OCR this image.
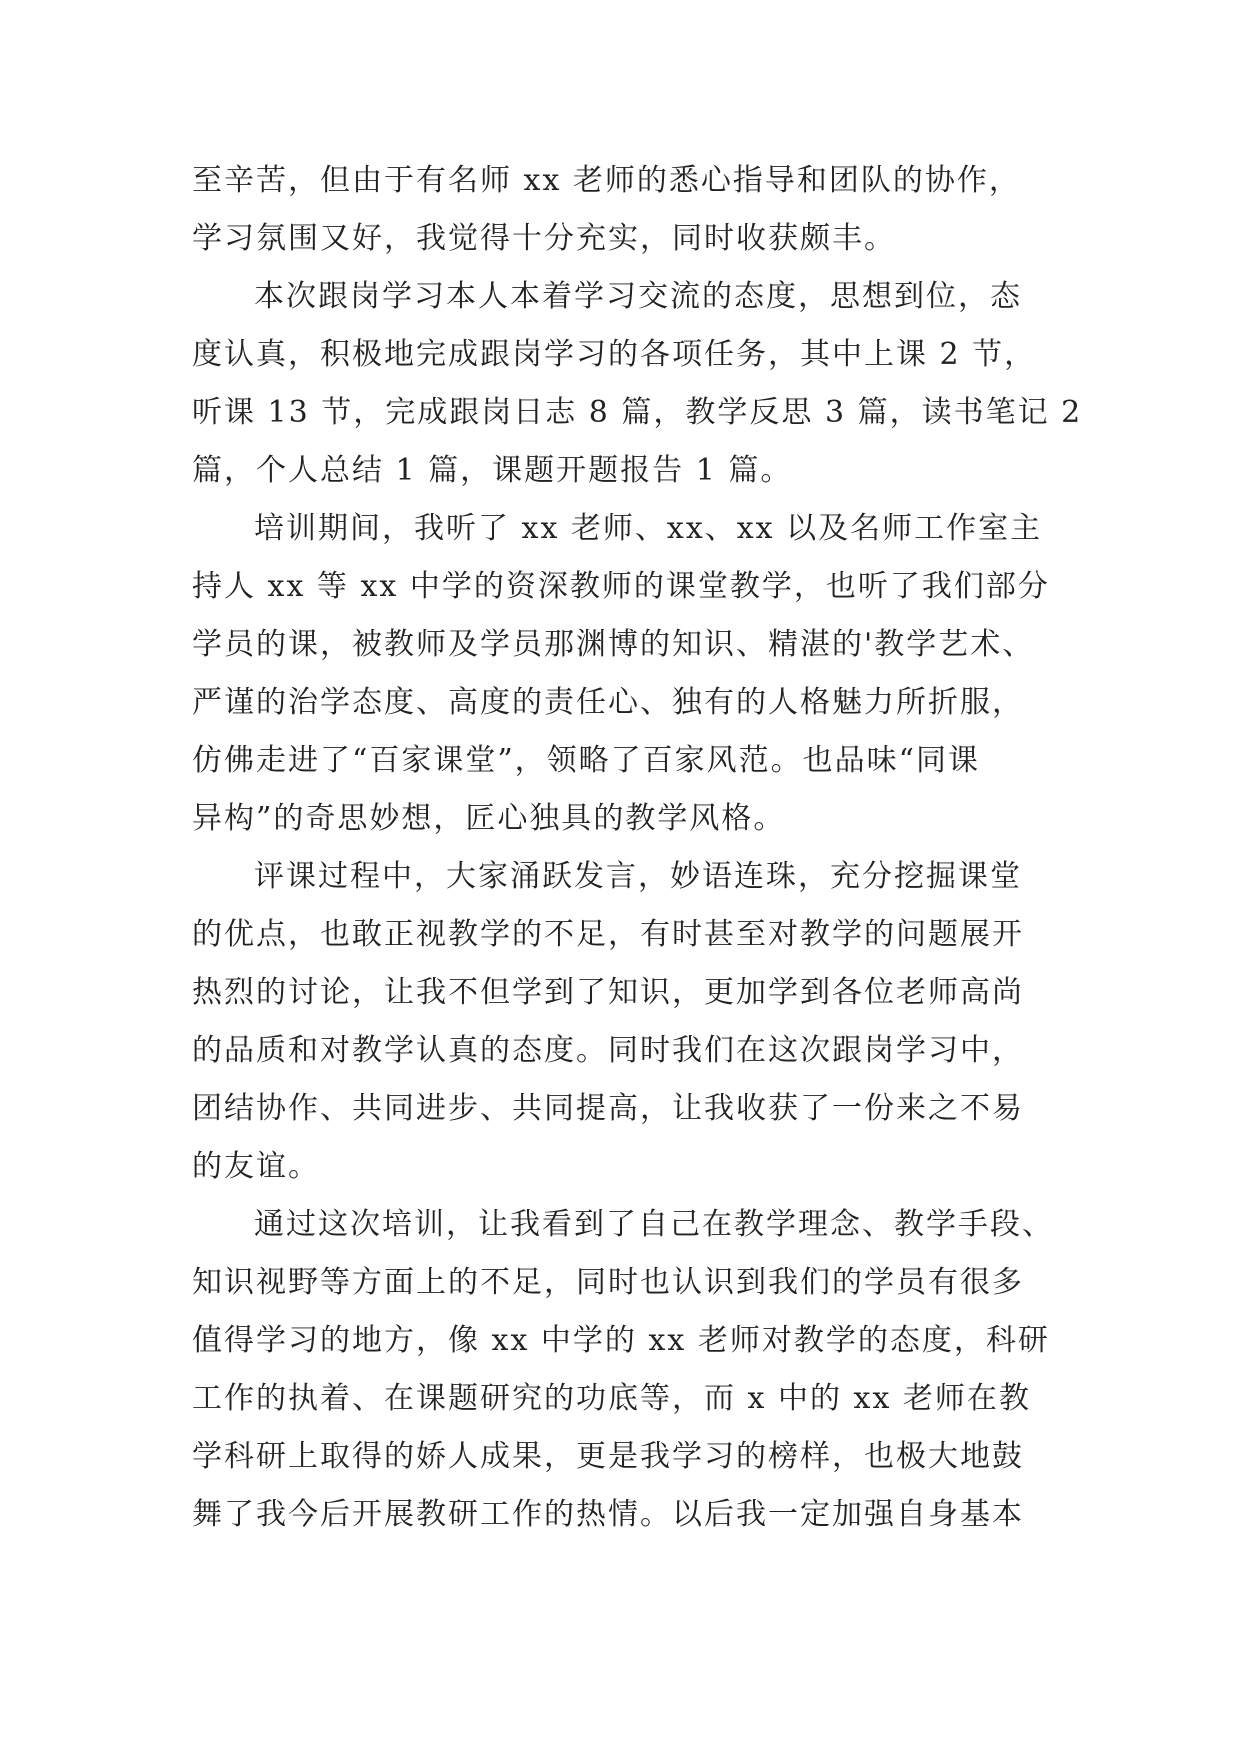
至辛苦，但由于有名师 xx 老师的悉心指导和团队的协作，
学习氛围又好，我觉得十分充实，同时收获颇丰。
本次跟岗学习本人本着学习交流的态度，思想到位，态
度认真，积极地完成跟岗学习的各项任务，其中上课 2 节，
听课 13 节，完成跟岗日志 8 篇，教学反思 3 篇，读书笔记 2
篇，个人总结 1 篇，课题开题报告 1 篇。
培训期间，我听了 xx 老师、xx、xx 以及名师工作室主
持人 xx 等 xx 中学的资深教师的课堂教学，也听了我们部分
学员的课，被教师及学员那渊博的知识、精湛的'教学艺术、
严谨的治学态度、高度的责任心、独有的人格魅力所折服，
仿佛走进了“百家课堂”，领略了百家风范。也品味“同课
异构”的奇思妙想，匠心独具的教学风格。
评课过程中，大家涌跃发言，妙语连珠，充分挖掘课堂
的优点，也敢正视教学的不足，有时甚至对教学的问题展开
热烈的讨论，让我不但学到了知识，更加学到各位老师高尚
的品质和对教学认真的态度。同时我们在这次跟岗学习中，
团结协作、共同进步、共同提高，让我收获了一份来之不易
的友谊。
通过这次培训，让我看到了自己在教学理念、教学手段、
知识视野等方面上的不足，同时也认识到我们的学员有很多
值得学习的地方，像 xx 中学的 xx 老师对教学的态度，科研
工作的执着、在课题研究的功底等，而 x 中的 xx 老师在教
学科研上取得的娇人成果，更是我学习的榜样，也极大地鼓
舞了我今后开展教研工作的热情。以后我一定加强自身基本
